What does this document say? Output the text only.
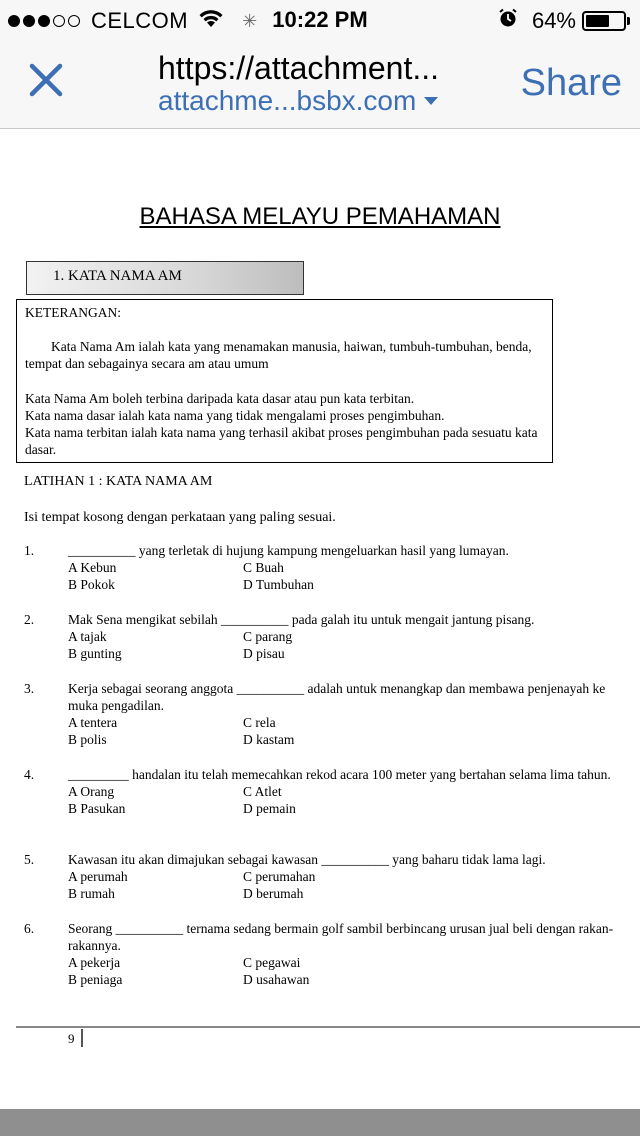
CELCOM	✳ 10:22 PM	64%
https://attachment...
attachme...bsbx.com	Share
BAHASA MELAYU PEMAHAMAN
1. KATA NAMA AM

KETERANGAN:

Kata Nama Am ialah kata yang menamakan manusia, haiwan, tumbuh-tumbuhan, benda, tempat dan sebagainya secara am atau umum

Kata Nama Am boleh terbina daripada kata dasar atau pun kata terbitan.

Kata nama dasar ialah kata nama yang tidak mengalami proses pengimbuhan.

Kata nama terbitan ialah kata nama yang terhasil akibat proses pengimbuhan pada sesuatu kata dasar.

LATIHAN 1 : KATA NAMA AM
Isi tempat kosong dengan perkataan yang paling sesuai.
1.	__________ yang terletak di hujung kampung mengeluarkan hasil yang lumayan.
A Kebun	C Buah
B Pokok	D Tumbuhan
2.	Mak Sena mengikat sebilah __________ pada galah itu untuk mengait jantung pisang.
A tajak	C parang
B gunting	D pisau
3.	Kerja sebagai seorang anggota __________ adalah untuk menangkap dan membawa penjenayah ke muka pengadilan.
A tentera	C rela
B polis	D kastam
4.	_________ handalan itu telah memecahkan rekod acara 100 meter yang bertahan selama lima tahun.
A Orang	C Atlet
B Pasukan	D pemain
5.	Kawasan itu akan dimajukan sebagai kawasan __________ yang baharu tidak lama lagi.
A perumah	C perumahan
B rumah	D berumah
6.	Seorang __________ ternama sedang bermain golf sambil berbincang urusan jual beli dengan rakan-rakannya.
A pekerja	C pegawai
B peniaga	D usahawan
9
